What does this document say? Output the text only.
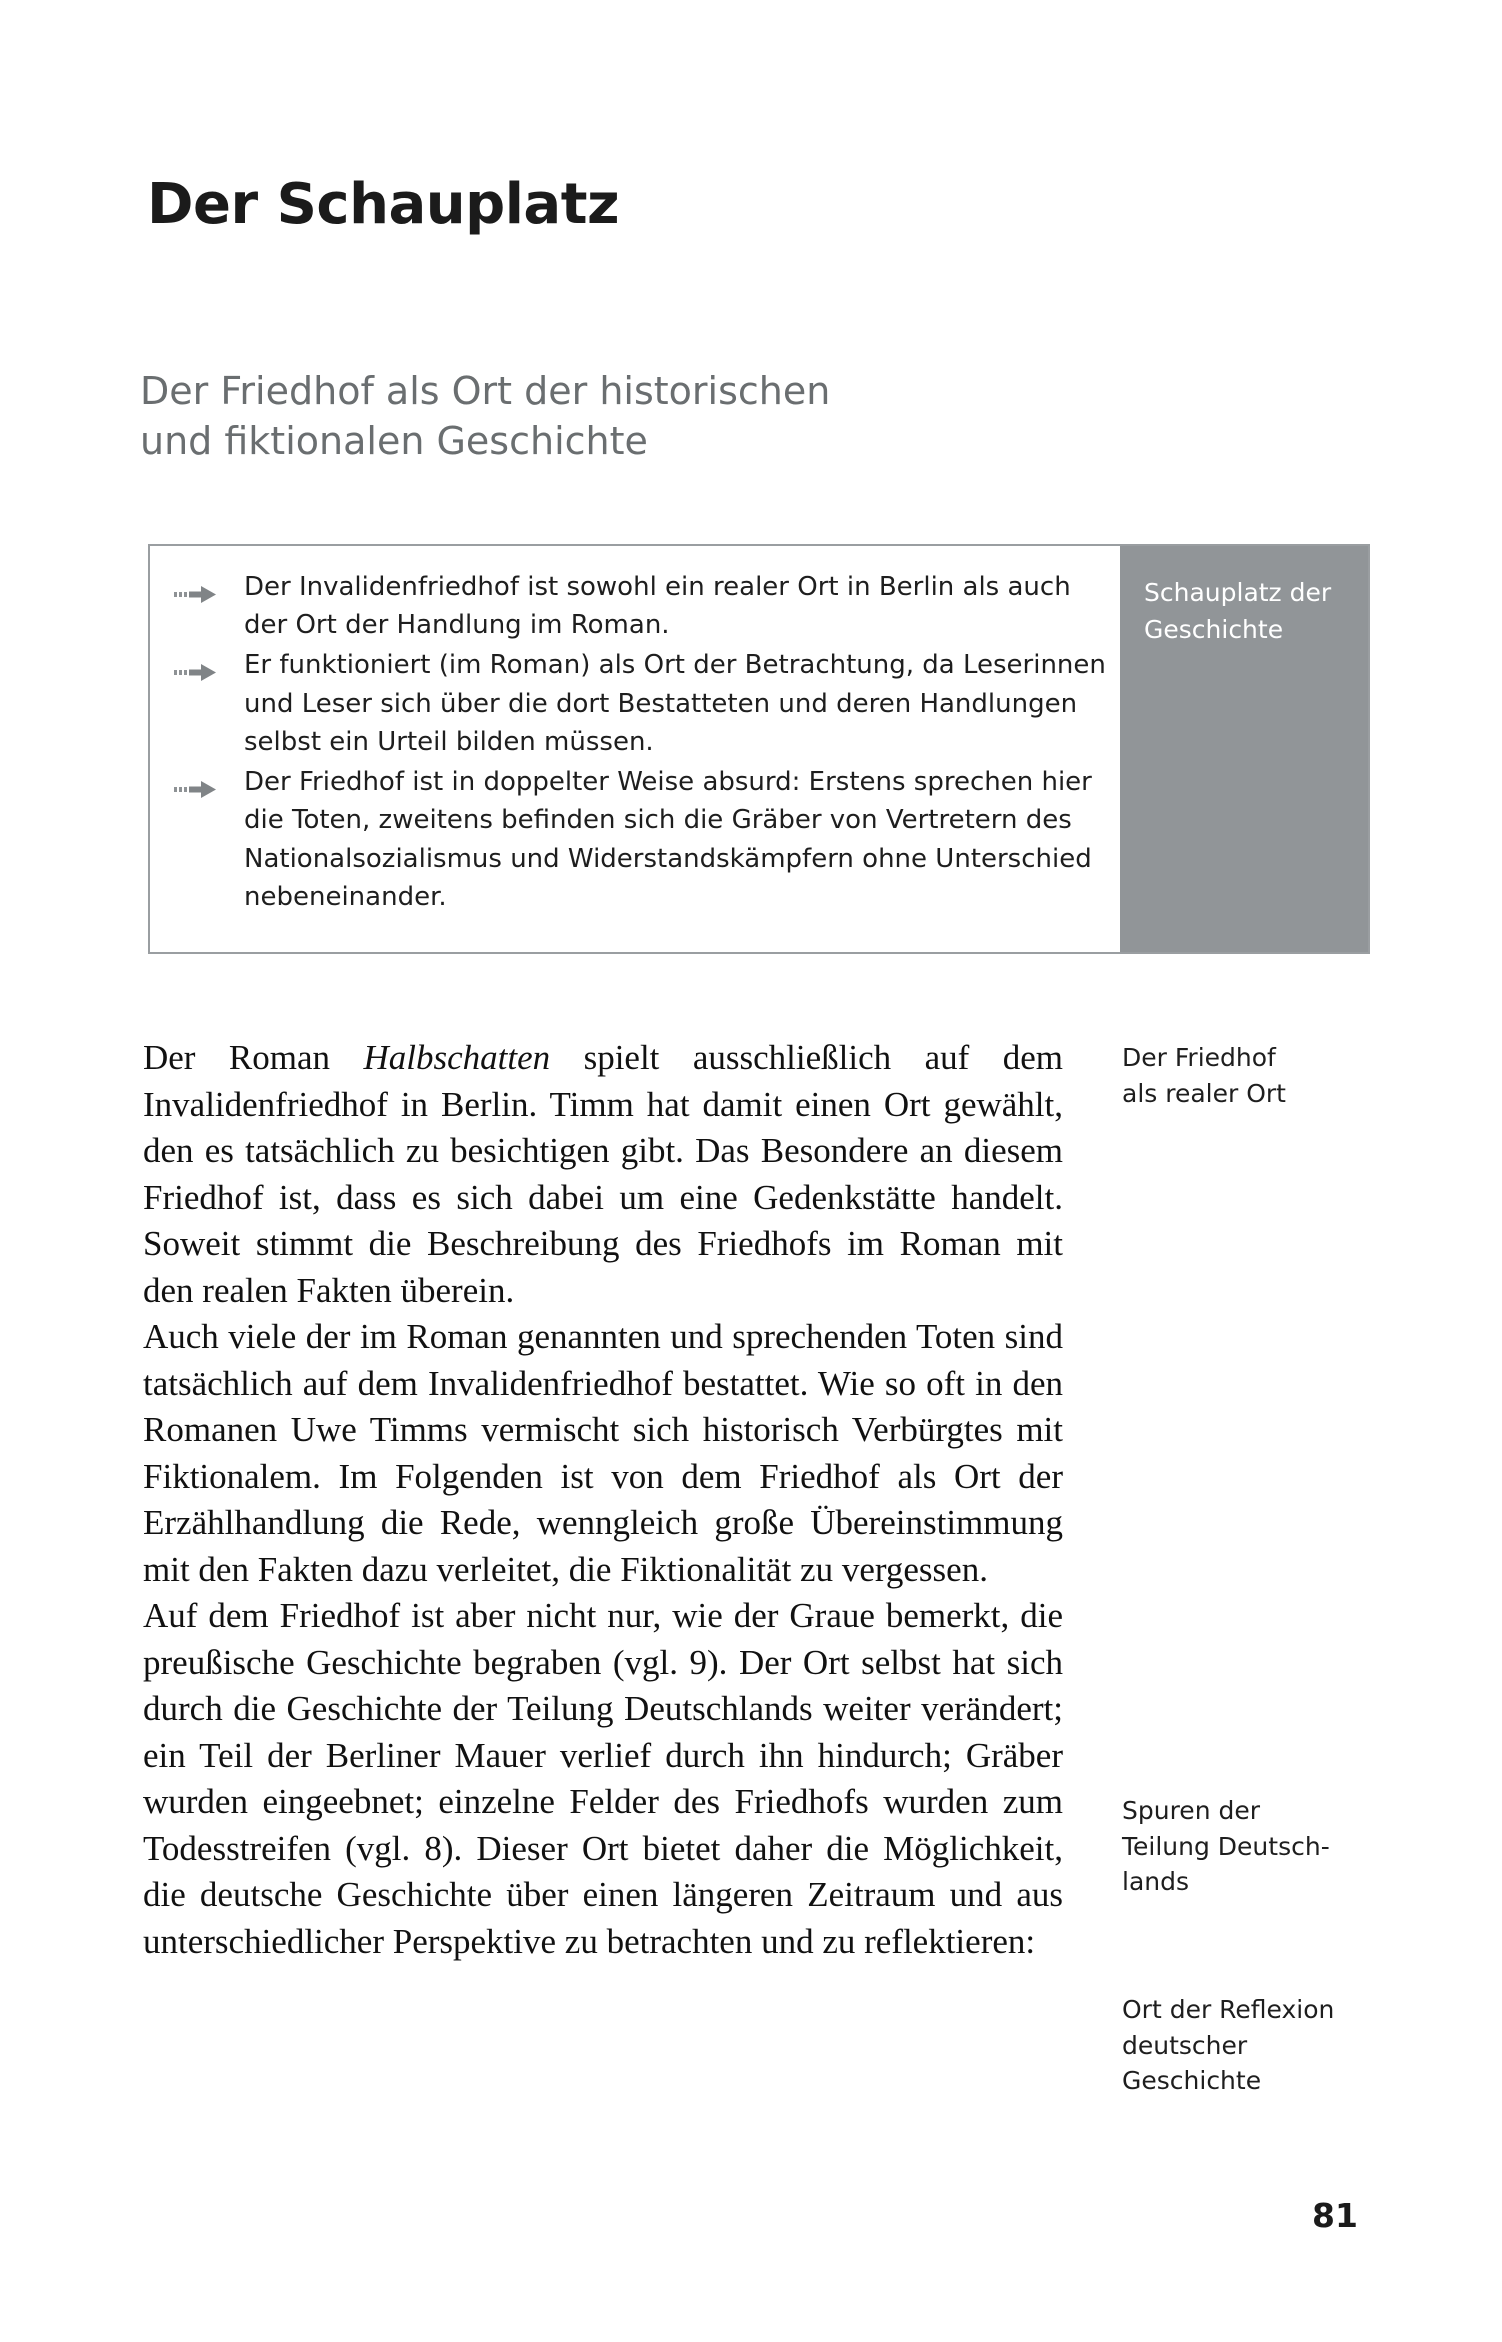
Der Schauplatz
Der Friedhof als Ort der historischen
und fiktionalen Geschichte
Der Invalidenfriedhof ist sowohl ein realer Ort in Berlin als auch der Ort der Handlung im Roman.
Er funktioniert (im Roman) als Ort der Betrachtung, da Leserinnen und Leser sich über die dort Bestatteten und deren Handlungen selbst ein Urteil bilden müssen.
Der Friedhof ist in doppelter Weise absurd: Erstens sprechen hier die Toten, zweitens befinden sich die Gräber von Vertretern des Nationalsozialismus und Widerstandskämpfern ohne Unterschied nebeneinander.
Schauplatz der Geschichte

Der Roman Halbschatten spielt ausschließlich auf dem Invalidenfriedhof in Berlin. Timm hat damit einen Ort gewählt, den es tatsächlich zu besichtigen gibt. Das Besondere an diesem Friedhof ist, dass es sich dabei um eine Gedenkstätte handelt. Soweit stimmt die Beschreibung des Friedhofs im Roman mit den realen Fakten überein.

Auch viele der im Roman genannten und sprechenden Toten sind tatsächlich auf dem Invalidenfriedhof bestattet. Wie so oft in den Romanen Uwe Timms vermischt sich historisch Verbürgtes mit Fiktionalem. Im Folgenden ist von dem Friedhof als Ort der Erzählhandlung die Rede, wenngleich große Übereinstimmung mit den Fakten dazu verleitet, die Fiktionalität zu vergessen.

Auf dem Friedhof ist aber nicht nur, wie der Graue bemerkt, die preußische Geschichte begraben (vgl. 9). Der Ort selbst hat sich durch die Geschichte der Teilung Deutschlands weiter verändert; ein Teil der Berliner Mauer verlief durch ihn hindurch; Gräber wurden eingeebnet; einzelne Felder des Friedhofs wurden zum Todesstreifen (vgl. 8). Dieser Ort bietet daher die Möglichkeit, die deutsche Geschichte über einen längeren Zeitraum und aus unterschiedlicher Perspektive zu betrachten und zu reflektieren:

Der Friedhof
als realer Ort
Spuren der
Teilung Deutsch-
lands
Ort der Reflexion
deutscher
Geschichte
81
